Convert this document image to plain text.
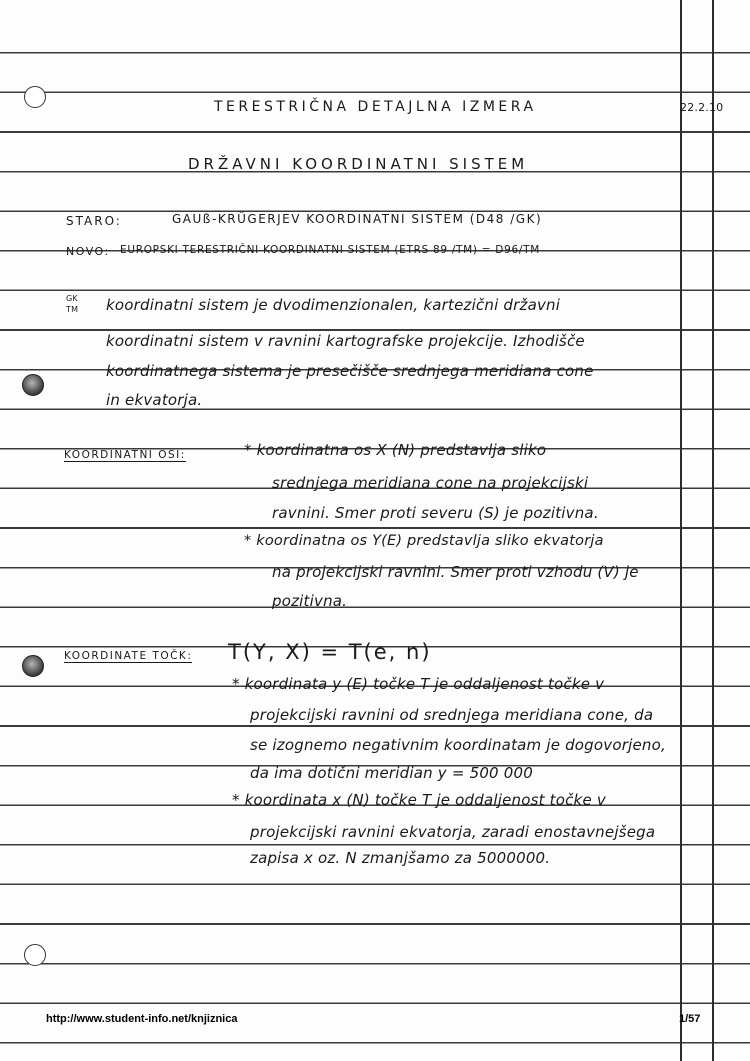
TERESTRIČNA DETAJLNA IZMERA	22.2.10

DRŽAVNI KOORDINATNI SISTEM

STARO:	GAUß-KRÜGERJEV KOORDINATNI SISTEM (D48 /GK)

NOVO: EUROPSKI TERESTRIČNI KOORDINATNI SISTEM (ETRS 89 /TM) = D96/TM

GK

TM koordinatni sistem je dvodimenzionalen, kartezični državni

koordinatni sistem v ravnini kartografske projekcije. Izhodišče

koordinatnega sistema je presečišče srednjega meridiana cone

in ekvatorja.

KOORDINATNI OSI:	* koordinatna os X (N) predstavlja sliko

srednjega meridiana cone na projekcijski

ravnini. Smer proti severu (S) je pozitivna.

* koordinatna os Y(E) predstavlja sliko ekvatorja

na projekcijski ravnini. Smer proti vzhodu (V) je

pozitivna.

KOORDINATE TOČK: T(Y, X) = T(e, n)

* koordinata y (E) točke T je oddaljenost točke v

projekcijski ravnini od srednjega meridiana cone, da

se izognemo negativnim koordinatam je dogovorjeno,

da ima dotični meridian y = 500 000

* koordinata x (N) točke T je oddaljenost točke v

projekcijski ravnini ekvatorja, zaradi enostavnejšega

zapisa x oz. N zmanjšamo za 5000000.

http://www.student-info.net/knjiznica	1/57
